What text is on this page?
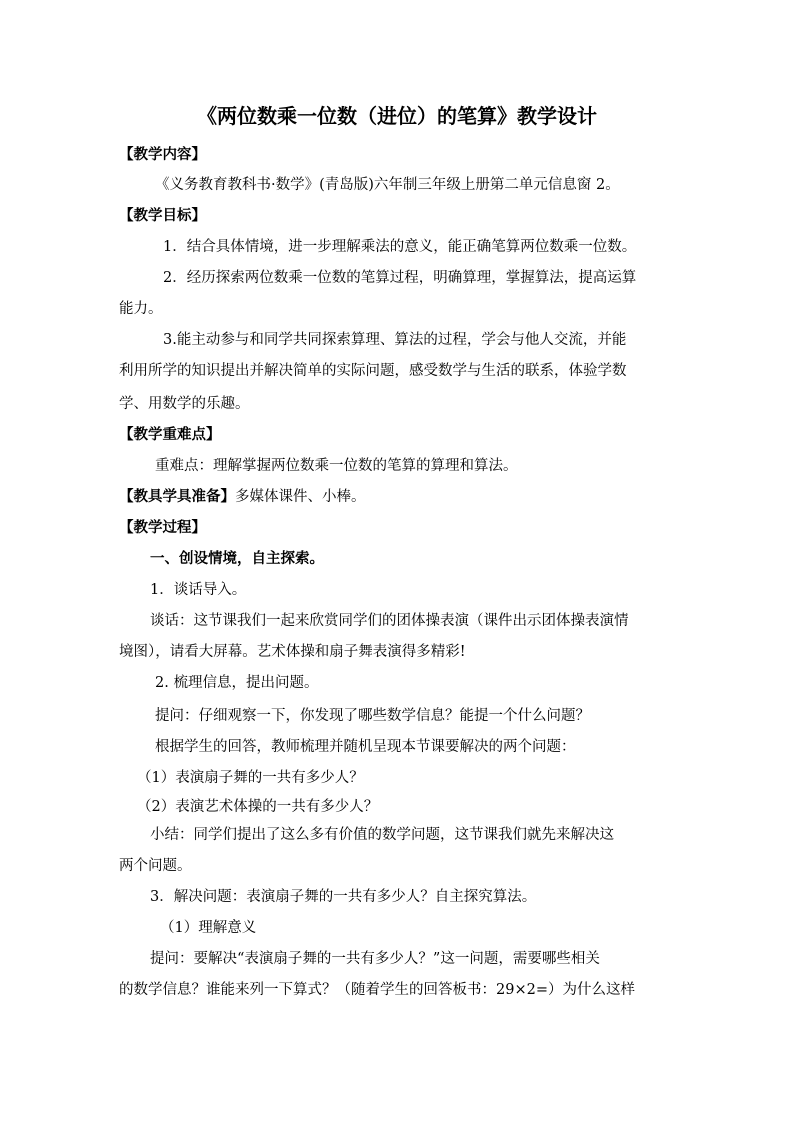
《两位数乘一位数（进位）的笔算》教学设计

【教学内容】

《义务教育教科书·数学》(青岛版)六年制三年级上册第二单元信息窗 2。

【教学目标】

1．结合具体情境，进一步理解乘法的意义，能正确笔算两位数乘一位数。

2．经历探索两位数乘一位数的笔算过程，明确算理，掌握算法，提高运算

能力。

3.能主动参与和同学共同探索算理、算法的过程，学会与他人交流，并能

利用所学的知识提出并解决简单的实际问题，感受数学与生活的联系，体验学数

学、用数学的乐趣。

【教学重难点】

重难点：理解掌握两位数乘一位数的笔算的算理和算法。

【教具学具准备】多媒体课件、小棒。

【教学过程】

一、创设情境，自主探索。

1．谈话导入。

谈话：这节课我们一起来欣赏同学们的团体操表演（课件出示团体操表演情

境图），请看大屏幕。艺术体操和扇子舞表演得多精彩!

2. 梳理信息，提出问题。

提问：仔细观察一下，你发现了哪些数学信息？能提一个什么问题？

根据学生的回答，教师梳理并随机呈现本节课要解决的两个问题：

（1）表演扇子舞的一共有多少人？

（2）表演艺术体操的一共有多少人？

小结：同学们提出了这么多有价值的数学问题，这节课我们就先来解决这

两个问题。

3．解决问题：表演扇子舞的一共有多少人？自主探究算法。

（1）理解意义

提问：要解决“表演扇子舞的一共有多少人？”这一问题，需要哪些相关

的数学信息？谁能来列一下算式？（随着学生的回答板书：29×2=）为什么这样
